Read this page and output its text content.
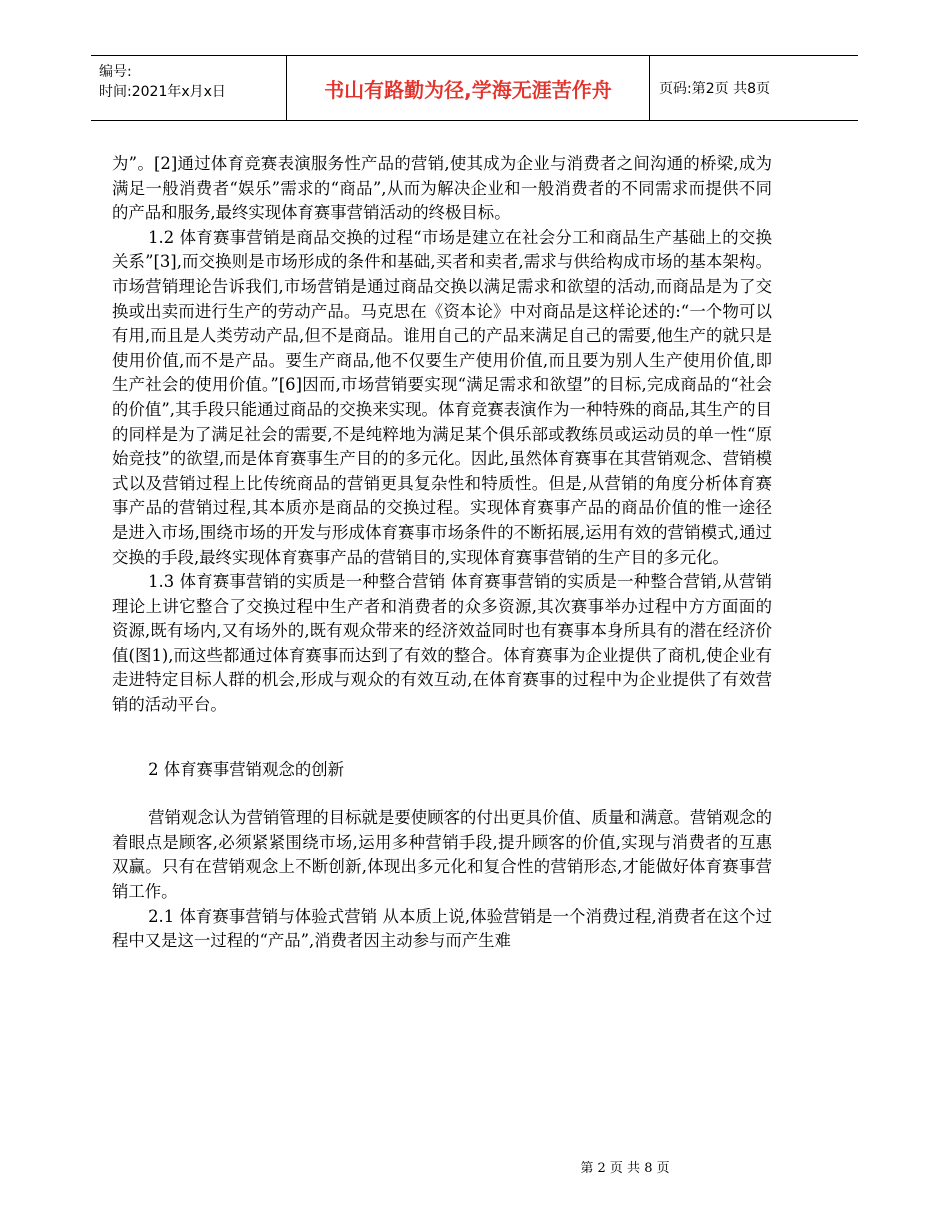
编号:
时间:2021年x月x日	书山有路勤为径,学海无涯苦作舟	页码:第2页 共8页

为”。[2]通过体育竞赛表演服务性产品的营销,使其成为企业与消费者之间沟通的桥梁,成为满足一般消费者“娱乐”需求的“商品”,从而为解决企业和一般消费者的不同需求而提供不同的产品和服务,最终实现体育赛事营销活动的终极目标。

1.2 体育赛事营销是商品交换的过程“市场是建立在社会分工和商品生产基础上的交换关系”[3],而交换则是市场形成的条件和基础,买者和卖者,需求与供给构成市场的基本架构。市场营销理论告诉我们,市场营销是通过商品交换以满足需求和欲望的活动,而商品是为了交换或出卖而进行生产的劳动产品。马克思在《资本论》中对商品是这样论述的:“一个物可以有用,而且是人类劳动产品,但不是商品。谁用自己的产品来满足自己的需要,他生产的就只是使用价值,而不是产品。要生产商品,他不仅要生产使用价值,而且要为别人生产使用价值,即生产社会的使用价值。”[6]因而,市场营销要实现“满足需求和欲望”的目标,完成商品的“社会的价值”,其手段只能通过商品的交换来实现。体育竞赛表演作为一种特殊的商品,其生产的目的同样是为了满足社会的需要,不是纯粹地为满足某个俱乐部或教练员或运动员的单一性“原始竞技”的欲望,而是体育赛事生产目的的多元化。因此,虽然体育赛事在其营销观念、营销模式以及营销过程上比传统商品的营销更具复杂性和特质性。但是,从营销的角度分析体育赛事产品的营销过程,其本质亦是商品的交换过程。实现体育赛事产品的商品价值的惟一途径是进入市场,围绕市场的开发与形成体育赛事市场条件的不断拓展,运用有效的营销模式,通过交换的手段,最终实现体育赛事产品的营销目的,实现体育赛事营销的生产目的多元化。

1.3 体育赛事营销的实质是一种整合营销 体育赛事营销的实质是一种整合营销,从营销理论上讲它整合了交换过程中生产者和消费者的众多资源,其次赛事举办过程中方方面面的资源,既有场内,又有场外的,既有观众带来的经济效益同时也有赛事本身所具有的潜在经济价值(图1),而这些都通过体育赛事而达到了有效的整合。体育赛事为企业提供了商机,使企业有走进特定目标人群的机会,形成与观众的有效互动,在体育赛事的过程中为企业提供了有效营销的活动平台。

2 体育赛事营销观念的创新

营销观念认为营销管理的目标就是要使顾客的付出更具价值、质量和满意。营销观念的着眼点是顾客,必须紧紧围绕市场,运用多种营销手段,提升顾客的价值,实现与消费者的互惠双赢。只有在营销观念上不断创新,体现出多元化和复合性的营销形态,才能做好体育赛事营销工作。

2.1 体育赛事营销与体验式营销 从本质上说,体验营销是一个消费过程,消费者在这个过程中又是这一过程的“产品”,消费者因主动参与而产生难

第 2 页 共 8 页
